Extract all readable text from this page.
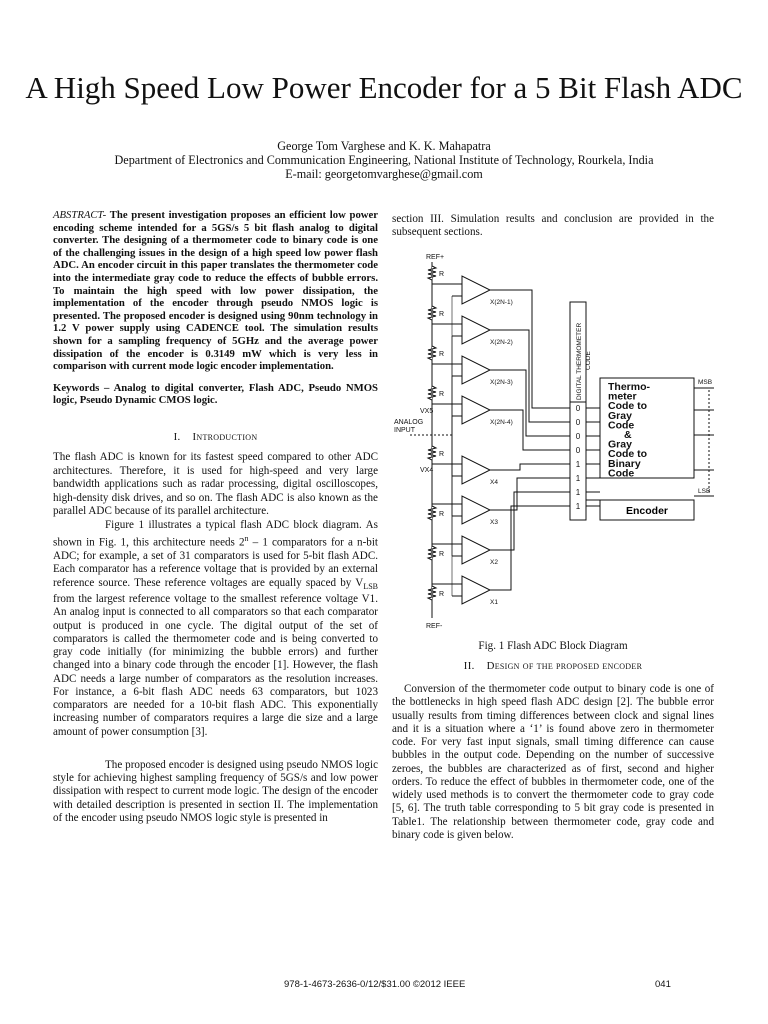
A High Speed Low Power Encoder for a 5 Bit Flash ADC
George Tom Varghese and K. K. Mahapatra
Department of Electronics and Communication Engineering, National Institute of Technology, Rourkela, India
E-mail: georgetomvarghese@gmail.com

ABSTRACT- The present investigation proposes an efficient low power encoding scheme intended for a 5GS/s 5 bit flash analog to digital converter. The designing of a thermometer code to binary code is one of the challenging issues in the design of a high speed low power flash ADC. An encoder circuit in this paper translates the thermometer code into the intermediate gray code to reduce the effects of bubble errors. To maintain the high speed with low power dissipation, the implementation of the encoder through pseudo NMOS logic is presented. The proposed encoder is designed using 90nm technology in 1.2 V power supply using CADENCE tool. The simulation results shown for a sampling frequency of 5GHz and the average power dissipation of the encoder is 0.3149 mW which is very less in comparison with current mode logic encoder implementation.

Keywords – Analog to digital converter, Flash ADC, Pseudo NMOS logic, Pseudo Dynamic CMOS logic.

I. Introduction

The flash ADC is known for its fastest speed compared to other ADC architectures. Therefore, it is used for high-speed and very large bandwidth applications such as radar processing, digital oscilloscopes, high-density disk drives, and so on. The flash ADC is also known as the parallel ADC because of its parallel architecture.

Figure 1 illustrates a typical flash ADC block diagram. As shown in Fig. 1, this architecture needs 2$^n$ – 1 comparators for a n-bit ADC; for example, a set of 31 comparators is used for 5-bit flash ADC. Each comparator has a reference voltage that is provided by an external reference source. These reference voltages are equally spaced by $V_{LSB}$ from the largest reference voltage to the smallest reference voltage V1. An analog input is connected to all comparators so that each comparator output is produced in one cycle. The digital output of the set of comparators is called the thermometer code and is being converted to gray code initially (for minimizing the bubble errors) and further changed into a binary code through the encoder [1]. However, the flash ADC needs a large number of comparators as the resolution increases. For instance, a 6-bit flash ADC needs 63 comparators, but 1023 comparators are needed for a 10-bit flash ADC. This exponentially increasing number of comparators requires a large die size and a large amount of power consumption [3].

The proposed encoder is designed using pseudo NMOS logic style for achieving highest sampling frequency of 5GS/s and low power dissipation with respect to current mode logic. The design of the encoder with detailed description is presented in section II. The implementation of the encoder using pseudo NMOS logic style is presented in

section III. Simulation results and conclusion are provided in the subsequent sections.

R
R
R
R
R
R
R
R
X(2N-1)
X(2N-2)
X(2N-3)
X(2N-4)
X4
X3
X2
X1
REF+
REF-
ANALOG
INPUT
VX5
VX4
DIGITAL THERMOMETER CODE
MSB
LSB
0
0
0
0
1
1
1
1
Thermo-
meter
Code to
Gray
Code
&
Gray
Code to
Binary
Code
Encoder
Fig. 1 Flash ADC Block Diagram
II. Design of the proposed encoder

Conversion of the thermometer code output to binary code is one of the bottlenecks in high speed flash ADC design [2]. The bubble error usually results from timing differences between clock and signal lines and it is a situation where a ‘1’ is found above zero in thermometer code. For very fast input signals, small timing difference can cause bubbles in the output code. Depending on the number of successive zeroes, the bubbles are characterized as of first, second and higher orders. To reduce the effect of bubbles in thermometer code, one of the widely used methods is to convert the thermometer code to gray code [5, 6]. The truth table corresponding to 5 bit gray code is presented in Table1. The relationship between thermometer code, gray code and binary code is given below.

978-1-4673-2636-0/12/$31.00 ©2012 IEEE	041
